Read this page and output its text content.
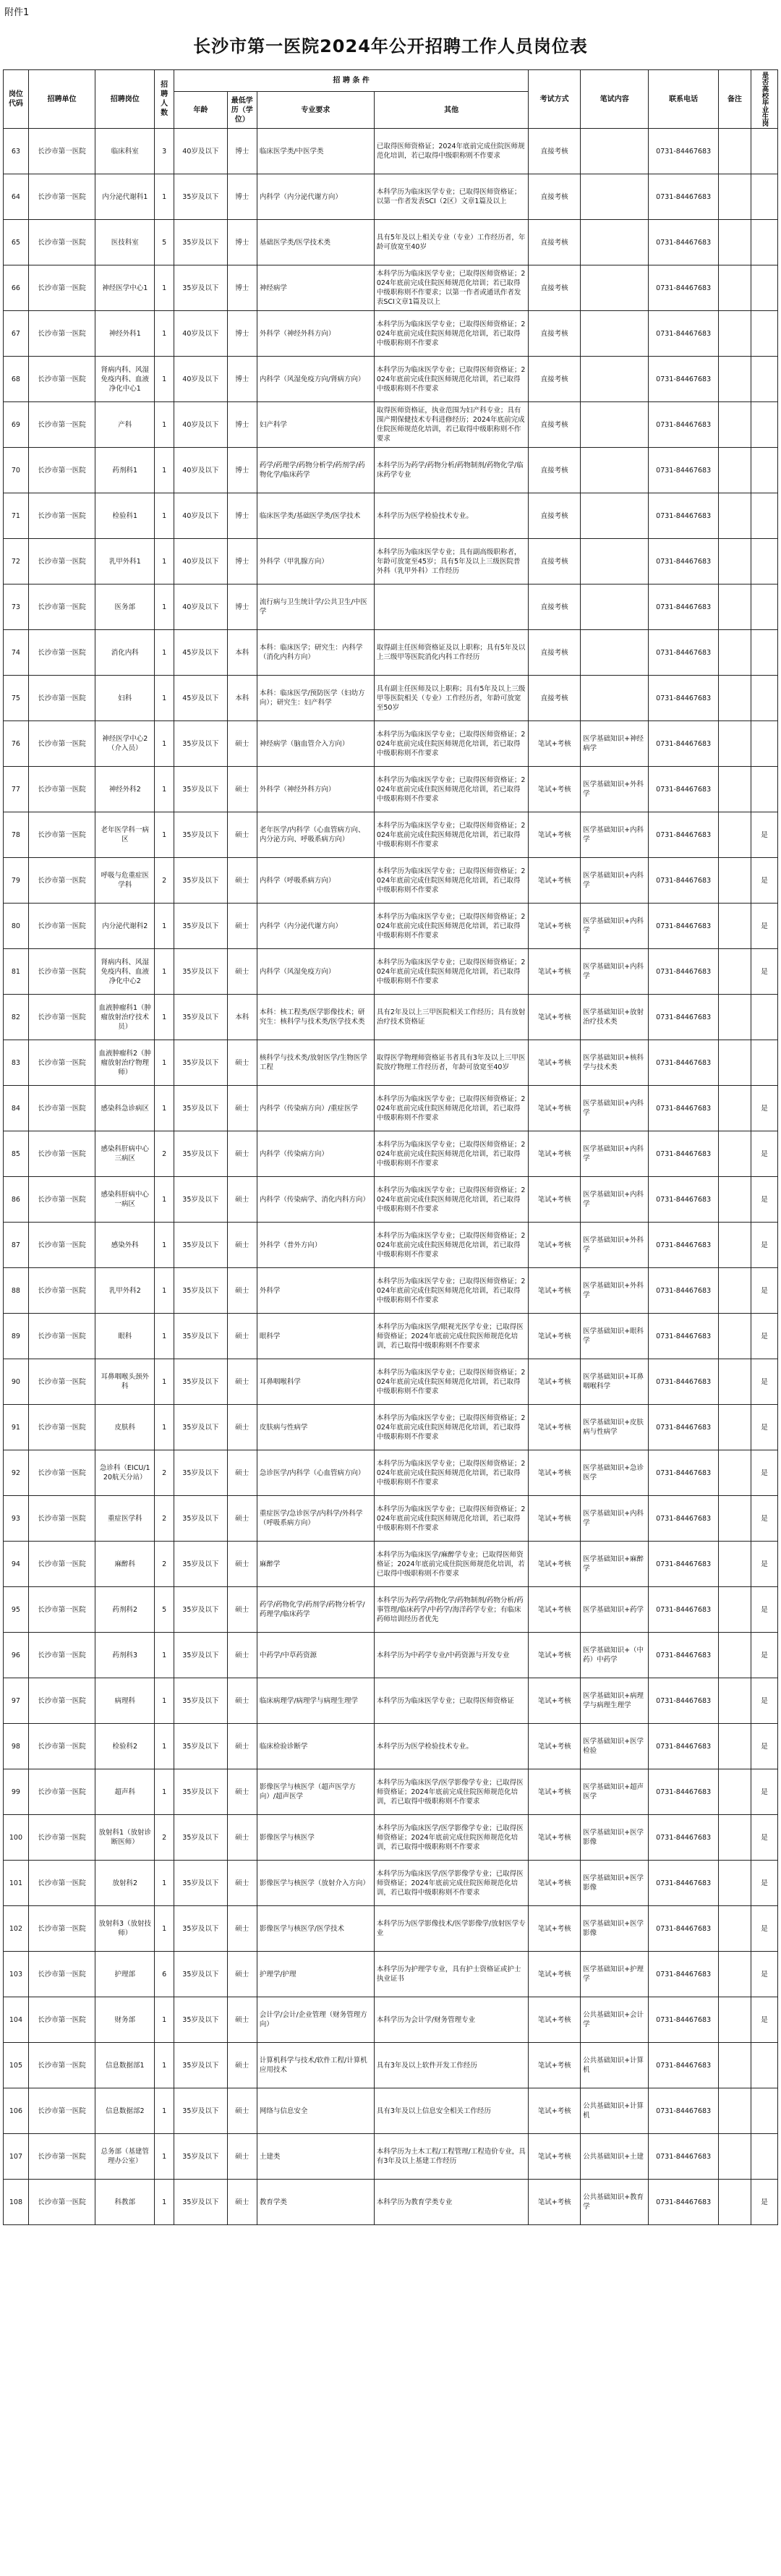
附件1
长沙市第一医院2024年公开招聘工作人员岗位表
岗位代码	招聘单位	招聘岗位	招聘人数	招 聘 条 件				考试方式	笔试内容	联系电话	备注	是否高校毕业生岗

				年龄	最低学历（学位）	专业要求	其他					
63	长沙市第一医院	临床科室	3	40岁及以下	博士	临床医学类/中医学类	已取得医师资格证；2024年底前完成住院医师规范化培训，若已取得中级职称则不作要求	直接考核		0731-84467683		
64	长沙市第一医院	内分泌代谢科1	1	35岁及以下	博士	内科学（内分泌代谢方向）	本科学历为临床医学专业；已取得医师资格证；以第一作者发表SCI（2区）文章1篇及以上	直接考核		0731-84467683		
65	长沙市第一医院	医技科室	5	35岁及以下	博士	基础医学类/医学技术类	具有5年及以上相关专业（专业）工作经历者，年龄可放宽至40岁	直接考核		0731-84467683		
66	长沙市第一医院	神经医学中心1	1	35岁及以下	博士	神经病学	本科学历为临床医学专业；已取得医师资格证；2024年底前完成住院医师规范化培训；若已取得中级职称则不作要求；以第一作者或通讯作者发表SCI文章1篇及以上	直接考核		0731-84467683		
67	长沙市第一医院	神经外科1	1	40岁及以下	博士	外科学（神经外科方向）	本科学历为临床医学专业；已取得医师资格证；2024年底前完成住院医师规范化培训，若已取得中级职称则不作要求	直接考核		0731-84467683		
68	长沙市第一医院	肾病内科、风湿免疫内科、血液净化中心1	1	40岁及以下	博士	内科学（风湿免疫方向/肾病方向）	本科学历为临床医学专业；已取得医师资格证；2024年底前完成住院医师规范化培训，若已取得中级职称则不作要求	直接考核		0731-84467683		
69	长沙市第一医院	产科	1	40岁及以下	博士	妇产科学	取得医师资格证，执业范围为妇产科专业；具有围产期保健技术专科进修经历；2024年底前完成住院医师规范化培训，若已取得中级职称则不作要求	直接考核		0731-84467683		
70	长沙市第一医院	药剂科1	1	40岁及以下	博士	药学/药理学/药物分析学/药剂学/药物化学/临床药学	本科学历为药学/药物分析/药物制剂/药物化学/临床药学专业	直接考核		0731-84467683		
71	长沙市第一医院	检验科1	1	40岁及以下	博士	临床医学类/基础医学类/医学技术	本科学历为医学检验技术专业。	直接考核		0731-84467683		
72	长沙市第一医院	乳甲外科1	1	40岁及以下	博士	外科学（甲乳腺方向）	本科学历为临床医学专业；具有副高级职称者，年龄可放宽至45岁；具有5年及以上三级医院普外科（乳甲外科）工作经历	直接考核		0731-84467683		
73	长沙市第一医院	医务部	1	40岁及以下	博士	流行病与卫生统计学/公共卫生/中医学		直接考核		0731-84467683		
74	长沙市第一医院	消化内科	1	45岁及以下	本科	本科：临床医学；研究生：内科学（消化内科方向）	取得副主任医师资格证及以上职称；具有5年及以上三级甲等医院消化内科工作经历	直接考核		0731-84467683		
75	长沙市第一医院	妇科	1	45岁及以下	本科	本科：临床医学/预防医学（妇幼方向）；研究生：妇产科学	具有副主任医师及以上职称；具有5年及以上三级甲等医院相关（专业）工作经历者，年龄可放宽至50岁	直接考核		0731-84467683		
76	长沙市第一医院	神经医学中心2（介入员）	1	35岁及以下	硕士	神经病学（脑血管介入方向）	本科学历为临床医学专业；已取得医师资格证；2024年底前完成住院医师规范化培训，若已取得中级职称则不作要求	笔试+考核	医学基础知识+神经病学	0731-84467683		
77	长沙市第一医院	神经外科2	1	35岁及以下	硕士	外科学（神经外科方向）	本科学历为临床医学专业；已取得医师资格证；2024年底前完成住院医师规范化培训，若已取得中级职称则不作要求	笔试+考核	医学基础知识+外科学	0731-84467683		
78	长沙市第一医院	老年医学科一病区	1	35岁及以下	硕士	老年医学/内科学（心血管病方向、内分泌方向、呼吸系病方向）	本科学历为临床医学专业；已取得医师资格证；2024年底前完成住院医师规范化培训，若已取得中级职称则不作要求	笔试+考核	医学基础知识+内科学	0731-84467683		是
79	长沙市第一医院	呼吸与危重症医学科	2	35岁及以下	硕士	内科学（呼吸系病方向）	本科学历为临床医学专业；已取得医师资格证；2024年底前完成住院医师规范化培训，若已取得中级职称则不作要求	笔试+考核	医学基础知识+内科学	0731-84467683		是
80	长沙市第一医院	内分泌代谢科2	1	35岁及以下	硕士	内科学（内分泌代谢方向）	本科学历为临床医学专业；已取得医师资格证；2024年底前完成住院医师规范化培训，若已取得中级职称则不作要求	笔试+考核	医学基础知识+内科学	0731-84467683		是
81	长沙市第一医院	肾病内科、风湿免疫内科、血液净化中心2	1	35岁及以下	硕士	内科学（风湿免疫方向）	本科学历为临床医学专业；已取得医师资格证；2024年底前完成住院医师规范化培训，若已取得中级职称则不作要求	笔试+考核	医学基础知识+内科学	0731-84467683		是
82	长沙市第一医院	血液肿瘤科1（肿瘤放射治疗技术员）	1	35岁及以下	本科	本科：核工程类/医学影像技术；研究生：核科学与技术类/医学技术类	具有2年及以上三甲医院相关工作经历；具有放射治疗技术资格证	笔试+考核	医学基础知识+放射治疗技术类	0731-84467683		
83	长沙市第一医院	血液肿瘤科2（肿瘤放射治疗物理师）	1	35岁及以下	硕士	核科学与技术类/放射医学/生物医学工程	取得医学物理师资格证书者具有3年及以上三甲医院放疗物理工作经历者，年龄可放宽至40岁	笔试+考核	医学基础知识+核科学与技术类	0731-84467683		
84	长沙市第一医院	感染科急诊病区	1	35岁及以下	硕士	内科学（传染病方向）/重症医学	本科学历为临床医学专业；已取得医师资格证；2024年底前完成住院医师规范化培训，若已取得中级职称则不作要求	笔试+考核	医学基础知识+内科学	0731-84467683		是
85	长沙市第一医院	感染科肝病中心三病区	2	35岁及以下	硕士	内科学（传染病方向）	本科学历为临床医学专业；已取得医师资格证；2024年底前完成住院医师规范化培训，若已取得中级职称则不作要求	笔试+考核	医学基础知识+内科学	0731-84467683		是
86	长沙市第一医院	感染科肝病中心一病区	1	35岁及以下	硕士	内科学（传染病学、消化内科方向）	本科学历为临床医学专业；已取得医师资格证；2024年底前完成住院医师规范化培训，若已取得中级职称则不作要求	笔试+考核	医学基础知识+内科学	0731-84467683		是
87	长沙市第一医院	感染外科	1	35岁及以下	硕士	外科学（普外方向）	本科学历为临床医学专业；已取得医师资格证；2024年底前完成住院医师规范化培训，若已取得中级职称则不作要求	笔试+考核	医学基础知识+外科学	0731-84467683		是
88	长沙市第一医院	乳甲外科2	1	35岁及以下	硕士	外科学	本科学历为临床医学专业；已取得医师资格证；2024年底前完成住院医师规范化培训，若已取得中级职称则不作要求	笔试+考核	医学基础知识+外科学	0731-84467683		是
89	长沙市第一医院	眼科	1	35岁及以下	硕士	眼科学	本科学历为临床医学/眼视光医学专业；已取得医师资格证；2024年底前完成住院医师规范化培训，若已取得中级职称则不作要求	笔试+考核	医学基础知识+眼科学	0731-84467683		是
90	长沙市第一医院	耳鼻咽喉头颈外科	1	35岁及以下	硕士	耳鼻咽喉科学	本科学历为临床医学专业；已取得医师资格证；2024年底前完成住院医师规范化培训，若已取得中级职称则不作要求	笔试+考核	医学基础知识+耳鼻咽喉科学	0731-84467683		是
91	长沙市第一医院	皮肤科	1	35岁及以下	硕士	皮肤病与性病学	本科学历为临床医学专业；已取得医师资格证；2024年底前完成住院医师规范化培训，若已取得中级职称则不作要求	笔试+考核	医学基础知识+皮肤病与性病学	0731-84467683		是
92	长沙市第一医院	急诊科（EICU/120航天分站）	2	35岁及以下	硕士	急诊医学/内科学（心血管病方向）	本科学历为临床医学专业；已取得医师资格证；2024年底前完成住院医师规范化培训，若已取得中级职称则不作要求	笔试+考核	医学基础知识+急诊医学	0731-84467683		是
93	长沙市第一医院	重症医学科	2	35岁及以下	硕士	重症医学/急诊医学/内科学/外科学（呼吸系病方向）	本科学历为临床医学专业；已取得医师资格证；2024年底前完成住院医师规范化培训，若已取得中级职称则不作要求	笔试+考核	医学基础知识+内科学	0731-84467683		是
94	长沙市第一医院	麻醉科	2	35岁及以下	硕士	麻醉学	本科学历为临床医学/麻醉学专业；已取得医师资格证；2024年底前完成住院医师规范化培训，若已取得中级职称则不作要求	笔试+考核	医学基础知识+麻醉学	0731-84467683		是
95	长沙市第一医院	药剂科2	5	35岁及以下	硕士	药学/药物化学/药剂学/药物分析学/药理学/临床药学	本科学历为药学/药物化学/药物制剂/药物分析/药事管理/临床药学/中药学/海洋药学专业；有临床药师培训经历者优先	笔试+考核	医学基础知识+药学	0731-84467683		是
96	长沙市第一医院	药剂科3	1	35岁及以下	硕士	中药学/中草药资源	本科学历为中药学专业/中药资源与开发专业	笔试+考核	医学基础知识+（中药）中药学	0731-84467683		是
97	长沙市第一医院	病理科	1	35岁及以下	硕士	临床病理学/病理学与病理生理学	本科学历为临床医学专业；已取得医师资格证	笔试+考核	医学基础知识+病理学与病理生理学	0731-84467683		是
98	长沙市第一医院	检验科2	1	35岁及以下	硕士	临床检验诊断学	本科学历为医学检验技术专业。	笔试+考核	医学基础知识+医学检验	0731-84467683		是
99	长沙市第一医院	超声科	1	35岁及以下	硕士	影像医学与核医学（超声医学方向）/超声医学	本科学历为临床医学/医学影像学专业；已取得医师资格证；2024年底前完成住院医师规范化培训，若已取得中级职称则不作要求	笔试+考核	医学基础知识+超声医学	0731-84467683		是
100	长沙市第一医院	放射科1（放射诊断医师）	2	35岁及以下	硕士	影像医学与核医学	本科学历为临床医学/医学影像学专业；已取得医师资格证；2024年底前完成住院医师规范化培训，若已取得中级职称则不作要求	笔试+考核	医学基础知识+医学影像	0731-84467683		是
101	长沙市第一医院	放射科2	1	35岁及以下	硕士	影像医学与核医学（放射介入方向）	本科学历为临床医学/医学影像学专业；已取得医师资格证；2024年底前完成住院医师规范化培训，若已取得中级职称则不作要求	笔试+考核	医学基础知识+医学影像	0731-84467683		是
102	长沙市第一医院	放射科3（放射技师）	1	35岁及以下	硕士	影像医学与核医学/医学技术	本科学历为医学影像技术/医学影像学/放射医学专业	笔试+考核	医学基础知识+医学影像	0731-84467683		是
103	长沙市第一医院	护理部	6	35岁及以下	硕士	护理学/护理	本科学历为护理学专业，具有护士资格证或护士执业证书	笔试+考核	医学基础知识+护理学	0731-84467683		是
104	长沙市第一医院	财务部	1	35岁及以下	硕士	会计学/会计/企业管理（财务管理方向）	本科学历为会计学/财务管理专业	笔试+考核	公共基础知识+会计学	0731-84467683		是
105	长沙市第一医院	信息数据部1	1	35岁及以下	硕士	计算机科学与技术/软件工程/计算机应用技术	具有3年及以上软件开发工作经历	笔试+考核	公共基础知识+计算机	0731-84467683		
106	长沙市第一医院	信息数据部2	1	35岁及以下	硕士	网络与信息安全	具有3年及以上信息安全相关工作经历	笔试+考核	公共基础知识+计算机	0731-84467683		
107	长沙市第一医院	总务部（基建管理办公室）	1	35岁及以下	硕士	土建类	本科学历为土木工程/工程管理/工程造价专业，具有3年及以上基建工作经历	笔试+考核	公共基础知识+土建	0731-84467683		
108	长沙市第一医院	科教部	1	35岁及以下	硕士	教育学类	本科学历为教育学类专业	笔试+考核	公共基础知识+教育学	0731-84467683		是
